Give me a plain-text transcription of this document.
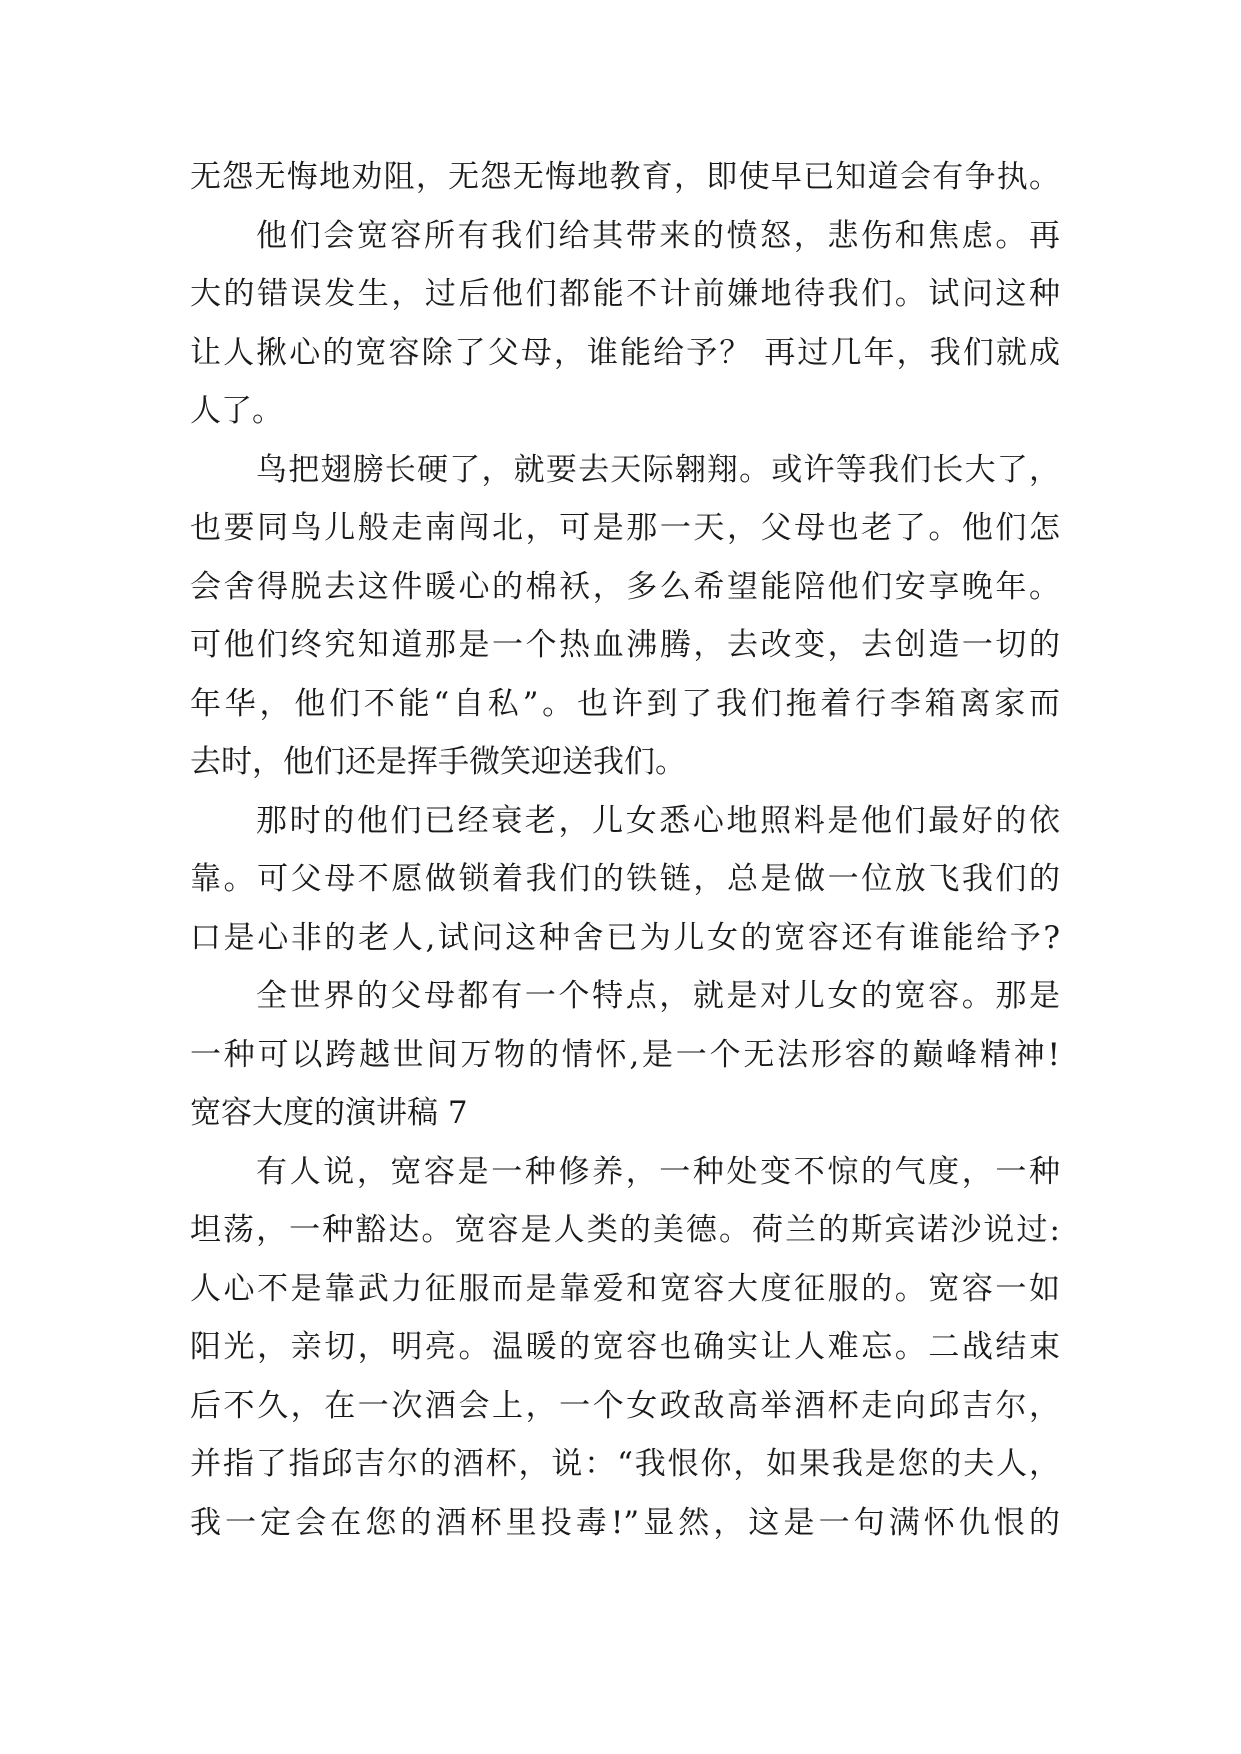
无怨无悔地劝阻，无怨无悔地教育，即使早已知道会有争执。
他们会宽容所有我们给其带来的愤怒，悲伤和焦虑。再
大的错误发生，过后他们都能不计前嫌地待我们。试问这种
让人揪心的宽容除了父母，谁能给予？ 再过几年，我们就成
人了。
鸟把翅膀长硬了，就要去天际翱翔。或许等我们长大了，
也要同鸟儿般走南闯北，可是那一天，父母也老了。他们怎
会舍得脱去这件暖心的棉袄，多么希望能陪他们安享晚年。
可他们终究知道那是一个热血沸腾，去改变，去创造一切的
年华，他们不能“自私”。也许到了我们拖着行李箱离家而
去时，他们还是挥手微笑迎送我们。
那时的他们已经衰老，儿女悉心地照料是他们最好的依
靠。可父母不愿做锁着我们的铁链，总是做一位放飞我们的
口是心非的老人,试问这种舍已为儿女的宽容还有谁能给予?
全世界的父母都有一个特点，就是对儿女的宽容。那是
一种可以跨越世间万物的情怀,是一个无法形容的巅峰精神!
宽容大度的演讲稿 7
有人说，宽容是一种修养，一种处变不惊的气度，一种
坦荡，一种豁达。宽容是人类的美德。荷兰的斯宾诺沙说过:
人心不是靠武力征服而是靠爱和宽容大度征服的。宽容一如
阳光，亲切，明亮。温暖的宽容也确实让人难忘。二战结束
后不久，在一次酒会上，一个女政敌高举酒杯走向邱吉尔，
并指了指邱吉尔的酒杯，说：“我恨你，如果我是您的夫人，
我一定会在您的酒杯里投毒!”显然，这是一句满怀仇恨的
